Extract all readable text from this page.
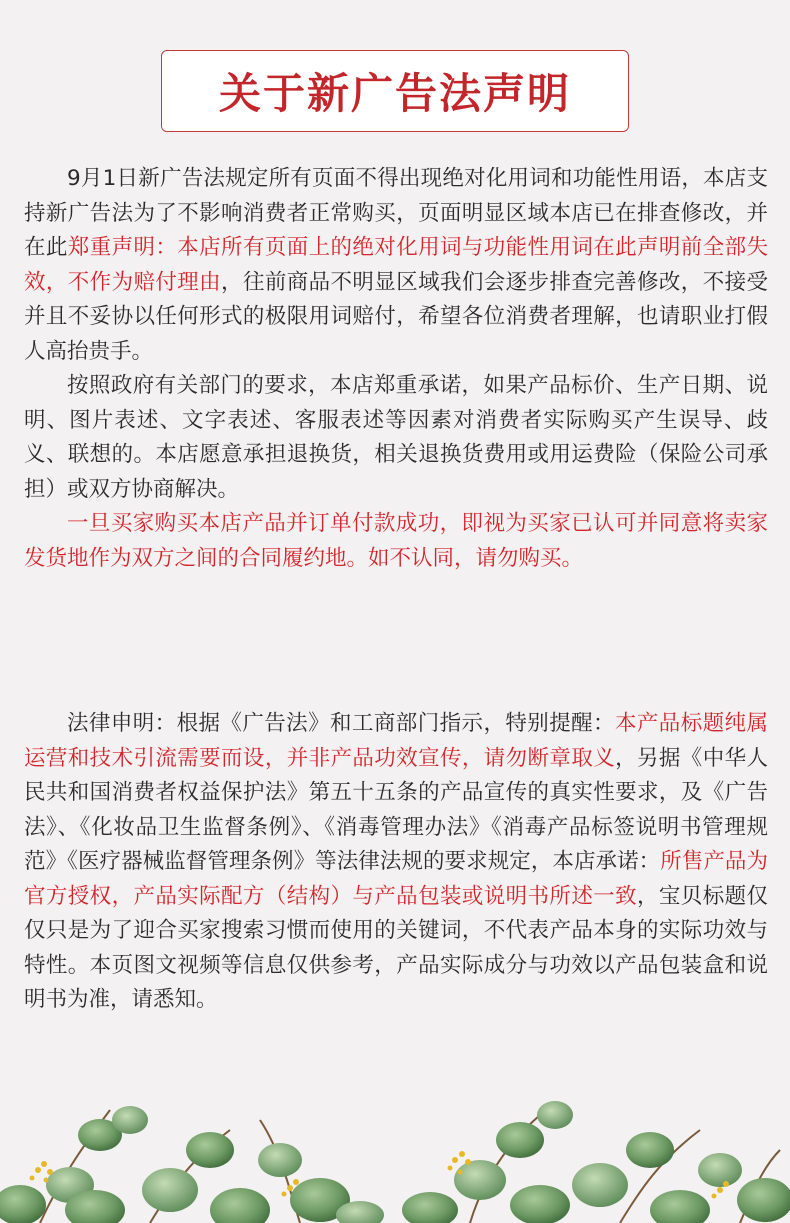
关于新广告法声明

9月1日新广告法规定所有页面不得出现绝对化用词和功能性用语，本店支持新广告法为了不影响消费者正常购买，页面明显区域本店已在排查修改，并在此郑重声明：本店所有页面上的绝对化用词与功能性用词在此声明前全部失效，不作为赔付理由，往前商品不明显区域我们会逐步排查完善修改，不接受并且不妥协以任何形式的极限用词赔付，希望各位消费者理解，也请职业打假人高抬贵手。

按照政府有关部门的要求，本店郑重承诺，如果产品标价、生产日期、说明、图片表述、文字表述、客服表述等因素对消费者实际购买产生误导、歧义、联想的。本店愿意承担退换货，相关退换货费用或用运费险（保险公司承担）或双方协商解决。

一旦买家购买本店产品并订单付款成功，即视为买家已认可并同意将卖家发货地作为双方之间的合同履约地。如不认同，请勿购买。

法律申明：根据《广告法》和工商部门指示，特别提醒：本产品标题纯属运营和技术引流需要而设，并非产品功效宣传，请勿断章取义，另据《中华人民共和国消费者权益保护法》第五十五条的产品宣传的真实性要求，及《广告法》、《化妆品卫生监督条例》、《消毒管理办法》《消毒产品标签说明书管理规范》《医疗器械监督管理条例》等法律法规的要求规定，本店承诺：所售产品为官方授权，产品实际配方（结构）与产品包装或说明书所述一致，宝贝标题仅仅只是为了迎合买家搜索习惯而使用的关键词，不代表产品本身的实际功效与特性。本页图文视频等信息仅供参考，产品实际成分与功效以产品包装盒和说明书为准，请悉知。
